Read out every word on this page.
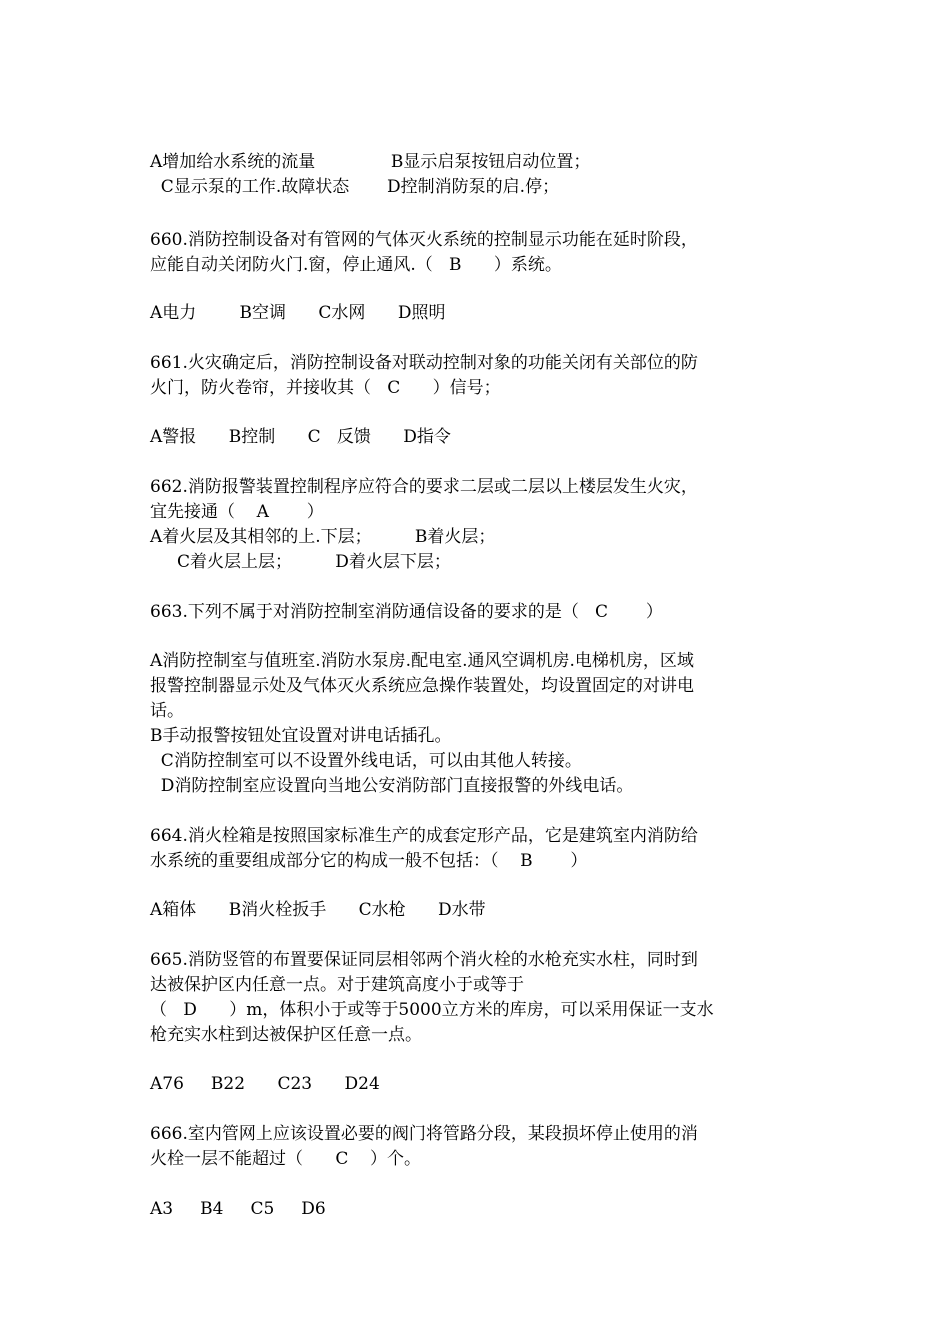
A增加给水系统的流量              B显示启泵按钮启动位置；
C显示泵的工作.故障状态       D控制消防泵的启.停；
660.消防控制设备对有管网的气体灭火系统的控制显示功能在延时阶段，
应能自动关闭防火门.窗，停止通风.（   B      ）系统。
A电力        B空调      C水网      D照明
661.火灾确定后，消防控制设备对联动控制对象的功能关闭有关部位的防
火门，防火卷帘，并接收其（   C      ）信号；
A警报      B控制      C   反馈      D指令
662.消防报警装置控制程序应符合的要求二层或二层以上楼层发生火灾，
宜先接通（    A       ）
A着火层及其相邻的上.下层；        B着火层；
C着火层上层；        D着火层下层；
663.下列不属于对消防控制室消防通信设备的要求的是（   C       ）
A消防控制室与值班室.消防水泵房.配电室.通风空调机房.电梯机房，区域
报警控制器显示处及气体灭火系统应急操作装置处，均设置固定的对讲电
话。
B手动报警按钮处宜设置对讲电话插孔。
C消防控制室可以不设置外线电话，可以由其他人转接。
D消防控制室应设置向当地公安消防部门直接报警的外线电话。
664.消火栓箱是按照国家标准生产的成套定形产品，它是建筑室内消防给
水系统的重要组成部分它的构成一般不包括：（    B       ）
A箱体      B消火栓扳手      C水枪      D水带
665.消防竖管的布置要保证同层相邻两个消火栓的水枪充实水柱，同时到
达被保护区内任意一点。对于建筑高度小于或等于
（   D      ）m，体积小于或等于5000立方米的库房，可以采用保证一支水
枪充实水柱到达被保护区任意一点。
A76     B22      C23      D24
666.室内管网上应该设置必要的阀门将管路分段，某段损坏停止使用的消
火栓一层不能超过（      C    ）个。
A3     B4     C5     D6
